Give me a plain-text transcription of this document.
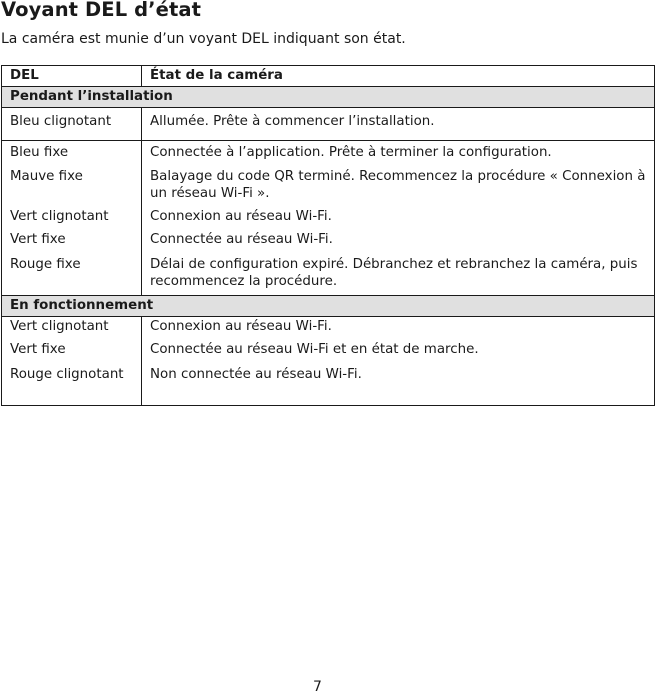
Voyant DEL d’état
La caméra est munie d’un voyant DEL indiquant son état.
DEL	État de la caméra
Pendant l’installation	
Bleu clignotant	Allumée. Prête à commencer l’installation.
Bleu fixe	Connectée à l’application. Prête à terminer la configuration.
Mauve fixe	Balayage du code QR terminé. Recommencez la procédure « Connexion à un réseau Wi-Fi ».
Vert clignotant	Connexion au réseau Wi-Fi.
Vert fixe	Connectée au réseau Wi-Fi.
Rouge fixe	Délai de configuration expiré. Débranchez et rebranchez la caméra, puis recommencez la procédure.
En fonctionnement	
Vert clignotant	Connexion au réseau Wi-Fi.
Vert fixe	Connectée au réseau Wi-Fi et en état de marche.
Rouge clignotant	Non connectée au réseau Wi-Fi.
7
